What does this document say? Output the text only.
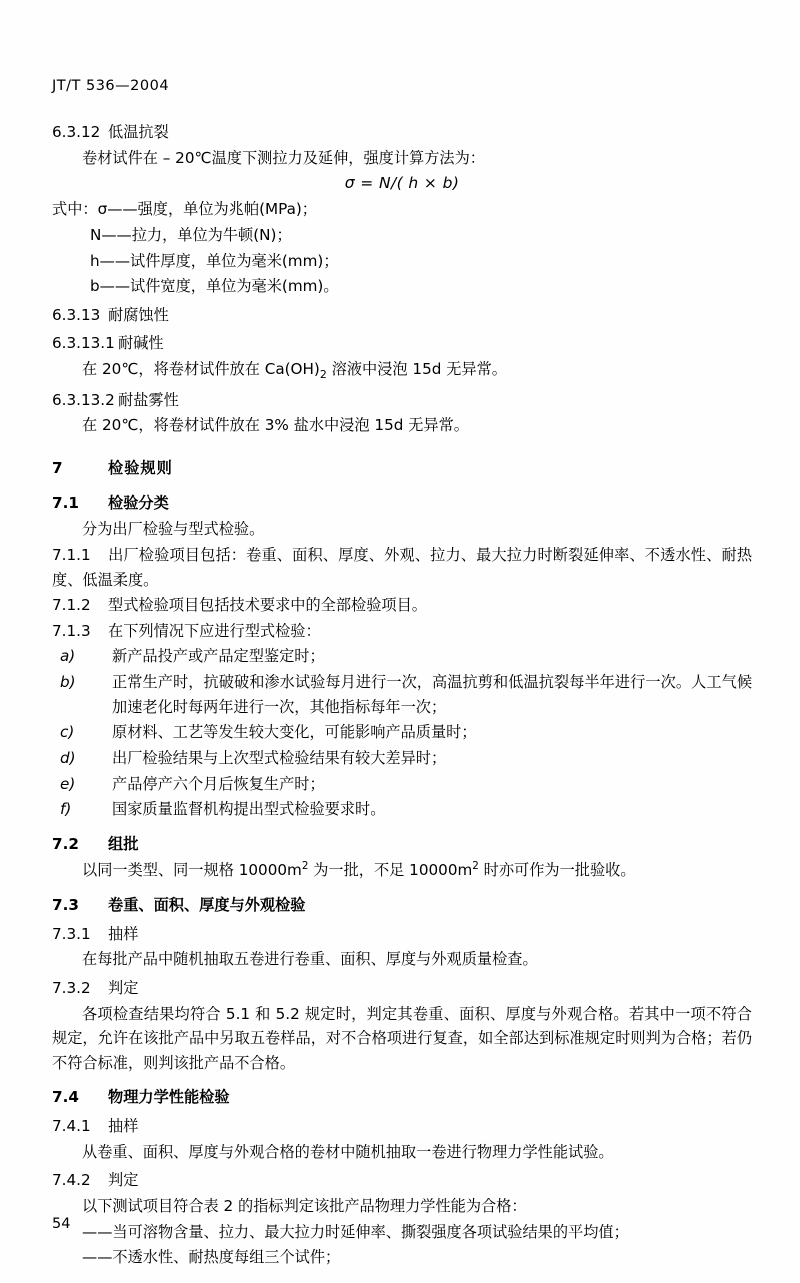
JT/T 536—2004
6.3.12 低温抗裂
卷材试件在 – 20℃温度下测拉力及延伸，强度计算方法为：
σ = N/( h × b)
式中：σ——强度，单位为兆帕(MPa)；
N——拉力，单位为牛顿(N)；
h——试件厚度，单位为毫米(mm)；
b——试件宽度，单位为毫米(mm)。
6.3.13 耐腐蚀性
6.3.13.1 耐碱性
在 20℃，将卷材试件放在 $Ca(OH)_2$ 溶液中浸泡 15d 无异常。
6.3.13.2 耐盐雾性
在 20℃，将卷材试件放在 3% 盐水中浸泡 15d 无异常。
7	检验规则
7.1 检验分类
分为出厂检验与型式检验。
7.1.1 出厂检验项目包括：卷重、面积、厚度、外观、拉力、最大拉力时断裂延伸率、不透水性、耐热度、低温柔度。
7.1.2 型式检验项目包括技术要求中的全部检验项目。
7.1.3 在下列情况下应进行型式检验：
a) 新产品投产或产品定型鉴定时；
b) 正常生产时，抗破破和渗水试验每月进行一次，高温抗剪和低温抗裂每半年进行一次。人工气候加速老化时每两年进行一次，其他指标每年一次；
c) 原材料、工艺等发生较大变化，可能影响产品质量时；
d) 出厂检验结果与上次型式检验结果有较大差异时；
e) 产品停产六个月后恢复生产时；
f)	国家质量监督机构提出型式检验要求时。
7.2 组批
以同一类型、同一规格 $10000m^2$ 为一批，不足 $10000m^2$ 时亦可作为一批验收。
7.3 卷重、面积、厚度与外观检验
7.3.1 抽样
在每批产品中随机抽取五卷进行卷重、面积、厚度与外观质量检查。
7.3.2 判定
各项检查结果均符合 5.1 和 5.2 规定时，判定其卷重、面积、厚度与外观合格。若其中一项不符合规定，允许在该批产品中另取五卷样品，对不合格项进行复查，如全部达到标准规定时则判为合格；若仍不符合标准，则判该批产品不合格。
7.4 物理力学性能检验
7.4.1 抽样
从卷重、面积、厚度与外观合格的卷材中随机抽取一卷进行物理力学性能试验。
7.4.2 判定
以下测试项目符合表 2 的指标判定该批产品物理力学性能为合格：
——当可溶物含量、拉力、最大拉力时延伸率、撕裂强度各项试验结果的平均值；
——不透水性、耐热度每组三个试件；
54
